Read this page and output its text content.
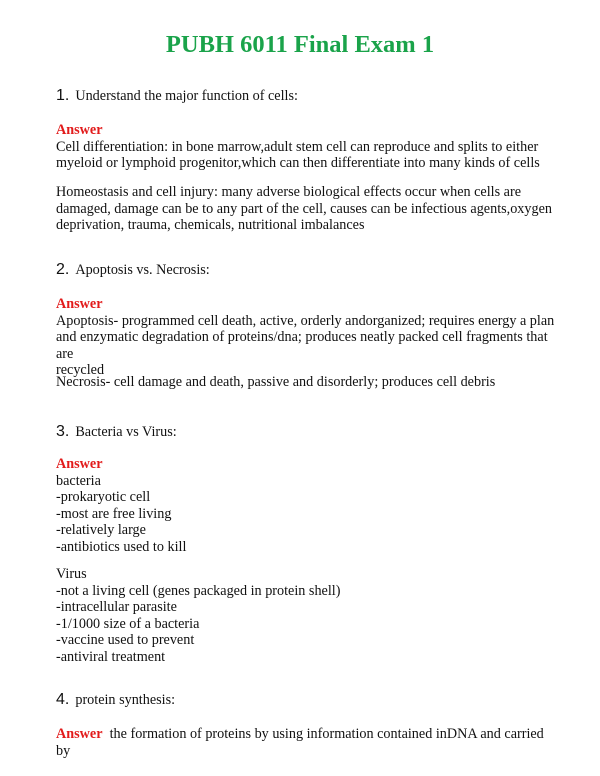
PUBH 6011 Final Exam 1
1. Understand the major function of cells:

Answer

Cell differentiation: in bone marrow,adult stem cell can reproduce and splits to either

myeloid or lymphoid progenitor,which can then differentiate into many kinds of cells

Homeostasis and cell injury: many adverse biological effects occur when cells are

damaged, damage can be to any part of the cell, causes can be infectious agents,oxygen

deprivation, trauma, chemicals, nutritional imbalances

2. Apoptosis vs. Necrosis:

Answer

Apoptosis- programmed cell death, active, orderly andorganized; requires energy a plan

and enzymatic degradation of proteins/dna; produces neatly packed cell fragments that are

recycled

Necrosis- cell damage and death, passive and disorderly; produces cell debris

3. Bacteria vs Virus:

Answer

bacteria

-prokaryotic cell

-most are free living

-relatively large

-antibiotics used to kill

Virus

-not a living cell (genes packaged in protein shell)

-intracellular parasite

-1/1000 size of a bacteria

-vaccine used to prevent

-antiviral treatment

4. protein synthesis:

Answer the formation of proteins by using information contained inDNA and carried by
